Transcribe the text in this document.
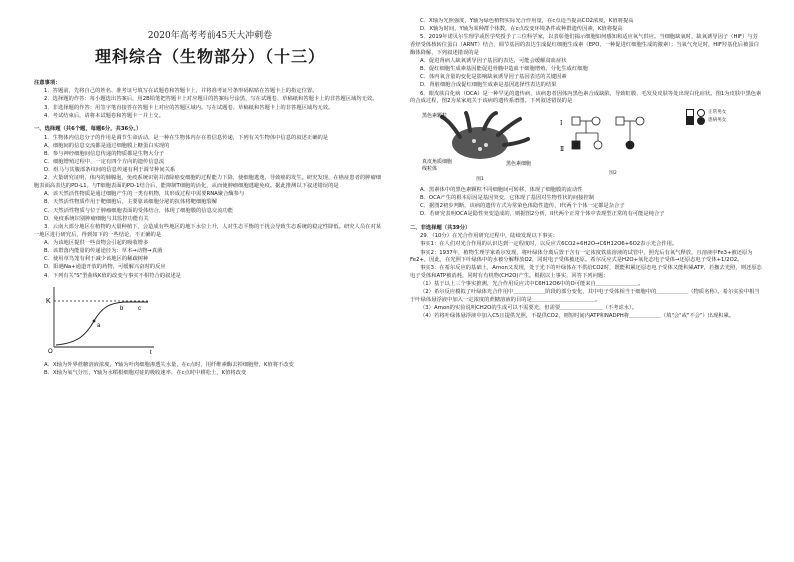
2020年高考考前45天大冲刺卷
理科综合（生物部分）（十三）

注意事项：

1．答题前，先将自己的姓名、准考证号填写在试题卷和答题卡上，并将准考证号条形码粘贴在答题卡上的指定位置。

2．选择题的作答：每小题选出答案后，用2B铅笔把答题卡上对应题目的答案标号涂黑，写在试题卷、草稿纸和答题卡上的非答题区域均无效。

3．非选择题的作答：用签字笔直接答在答题卡上对应的答题区域内。写在试题卷、草稿纸和答题卡上的非答题区域均无效。

4．考试结束后，请将本试题卷和答题卡一并上交。

一、选择题（共6个题，每题6分，共36分。）

1．生物体内信息分子的作用是调节生命活动，是一种在生物体内存在着信息传递，下列有关生物体中信息的叙述正确的是

A．细胞间的信息交流都是通过细胞膜上糖蛋白实现的

B．参与神经细胞间信息传递的物质都是生物大分子

C．细胞增殖过程中，一定有四个方向的遗传信息流

D．组马与其腹部条纹间的信息传递有利于调节种间关系

2．大量研究证明，体内的肺腺泡，免疫系统识别并清除癌变细胞的过程能力下降，使细胞逃逸，导致癌的发生。研究发现，在癌症患者的肿瘤细胞表面高表达的PD-L1，与T细胞表面的PD-1结合后，能抑制T细胞的活化，从而使肿瘤细胞逃避免疫。据此推测以下叙述错误的是

A．该天然活性物质是通过细胞产生的一类有机物，其形成过程中需要RNA聚合酶参与

B．天然活性物质作用于靶细胞后，主要靠该细胞分泌的抗体将靶细胞裂解

C．天然活性物质与位于肿瘤细胞表面的受体结合，体现了细胞膜的信息交流功能

D．免疫系统识别肿瘤细胞与其监控功能有关

3．云南大部分地区在植物的大量种植下，会造成有些地区的地下水位上升，人对生态平衡的干扰会导致生态系统的稳定性降低。研究人员在对某一地区进行研究后，得到如下的一些结论，不正确的是

A．为该地区提供一些食物会引起的吸收增多

B．该群落内能量的传递途径为：草本→动物→真菌

C．使用草鸟笼有利于减少该地区的稀疏树种

D．阳遇Na+通道开放的药物，可缓解兴奋时的反应

4．下列有关"S"型曲线K值的改变与事实不相符合的叙述是

K
a
b c
O	t

A．X轴为外界蔗糖溶液浓度，Y轴为叶肉细胞渗透失水量，在c点时，用纤维素酶去掉细胞壁，K值将不改变

B．X轴为氧气分压，Y轴为水稻根细胞对硅的吸收速率，在c点时中耕松土，K值将改变

C．X轴为光照强度，Y轴为绿色植物实际光合作用量，在c点适当提高CO2浓度，K值将提高

D．X轴为时间，Y轴为某种群个体数，在c点改变环境条件或种群遗传因素，K值将提高

5．2019年诺贝尔生理学或医学奖授予了三位科学家，以表彰他们揭示细胞如何感知和适应氧气供应。当细胞缺氧时，缺氧诱导因子（HIF）与芳香烃受体核转位蛋白（ARNT）结合，调节基因的表达生成促红细胞生成素（EPO，一种促进红细胞生成的激素）；当氧气充足时，HIF羟基化后被蛋白酶体降解，下列叙述错误的是

A．促进肾病人缺氧诱导因子基因的表达，可能会缓解贫血症状

B．促红细胞生成素基因能促进骨髓中造血干细胞增殖、分化生成红细胞

C．体内氧含量的变化是影响缺氧诱导因子基因表达的关键因素

D．肾脏细胞合成促红细胞生成素是基因选择性表达的结果

6．眼皮肤白化病（OCA）是一种罕见的遗传病，该病患者因体内黑色素合成缺陷，导致虹膜、毛发及皮肤等处出现白化症状。图1为皮肤中黑色素的合成过程，图2为某家庭关于该病的遗传系谱图。下列叙述错误的是

黑色素颗粒
黑色素细胞
真皮角质细胞
线粒体
图1
Ⅰ
Ⅱ
图2
正常男女
患病男女

A．黑素体中的黑色素颗粒不同细胞间可转移，体现了细胞膜的流动性

B．OCA产生的根本原因是基因突变，它体现了基因对生物性状的间接控制

C．据图2初步判断，该病的遗传方式为常染色体隐性遗传，I代两个个体一定都是杂合子

D．若研究表明OCA是隐性突变造成的，则据图2分析，II代两个正常个体中表现型正常的有可能是纯合子

二、非选择题（共39分）

29．（10分）在光合作用研究过程中，陆续发现以下事实：

事实1：在人们对光合作用的认识达到一定程度时，以反应式6CO2+6H2O→C6H12O6+6O2表示光合作用。

事实2：1937年，植物生理学家希尔发现，将叶绿体分离后置于含有一定浓度铁盐溶液的试管中，照光后有氧气释放，且溶液中Fe3+被还原为Fe2+，因此，在光照下叶绿体中的水被分解释放O2，同时电子受体被还原。希尔反应式是H2O+氧化态电子受体→还原态电子受体+1/2O2。

事实3：在希尔反应的基础上，Arnon又发现，处于光下的叶绿体在不供给CO2时，既能积累还原态电子受体又能积累ATP，若撤去光照，则还原态电子受体和ATP被消耗，同时有有机物(CH2O)产生。根据以上事实，回答下列问题：

（1）基于以上三个事实推测，光合作用反应式中C6H12O6中的O可能来自＿＿＿＿＿＿＿＿。

（2）希尔反应模拟了叶绿体光合作用中＿＿＿＿＿＿阶段的部分变化，其中电子受体相当于细胞中的＿＿＿＿＿＿（物质名称）。希尔实验中相当于叶绿体悬浮液中加入一定浓度的蔗糖溶液的目的是＿＿＿＿＿＿＿＿＿＿＿＿。

（3）Arnon的实验说明CH2O的生成可以不需要光，但需要＿＿＿＿＿＿＿＿（不考虑水）。

（4）若将叶绿体悬浮液中加入C5且提供光照，不提供CO2，则短时间内ATP和NADPH将＿＿＿＿＿＿（填"会"或"不会"）出现积累。
